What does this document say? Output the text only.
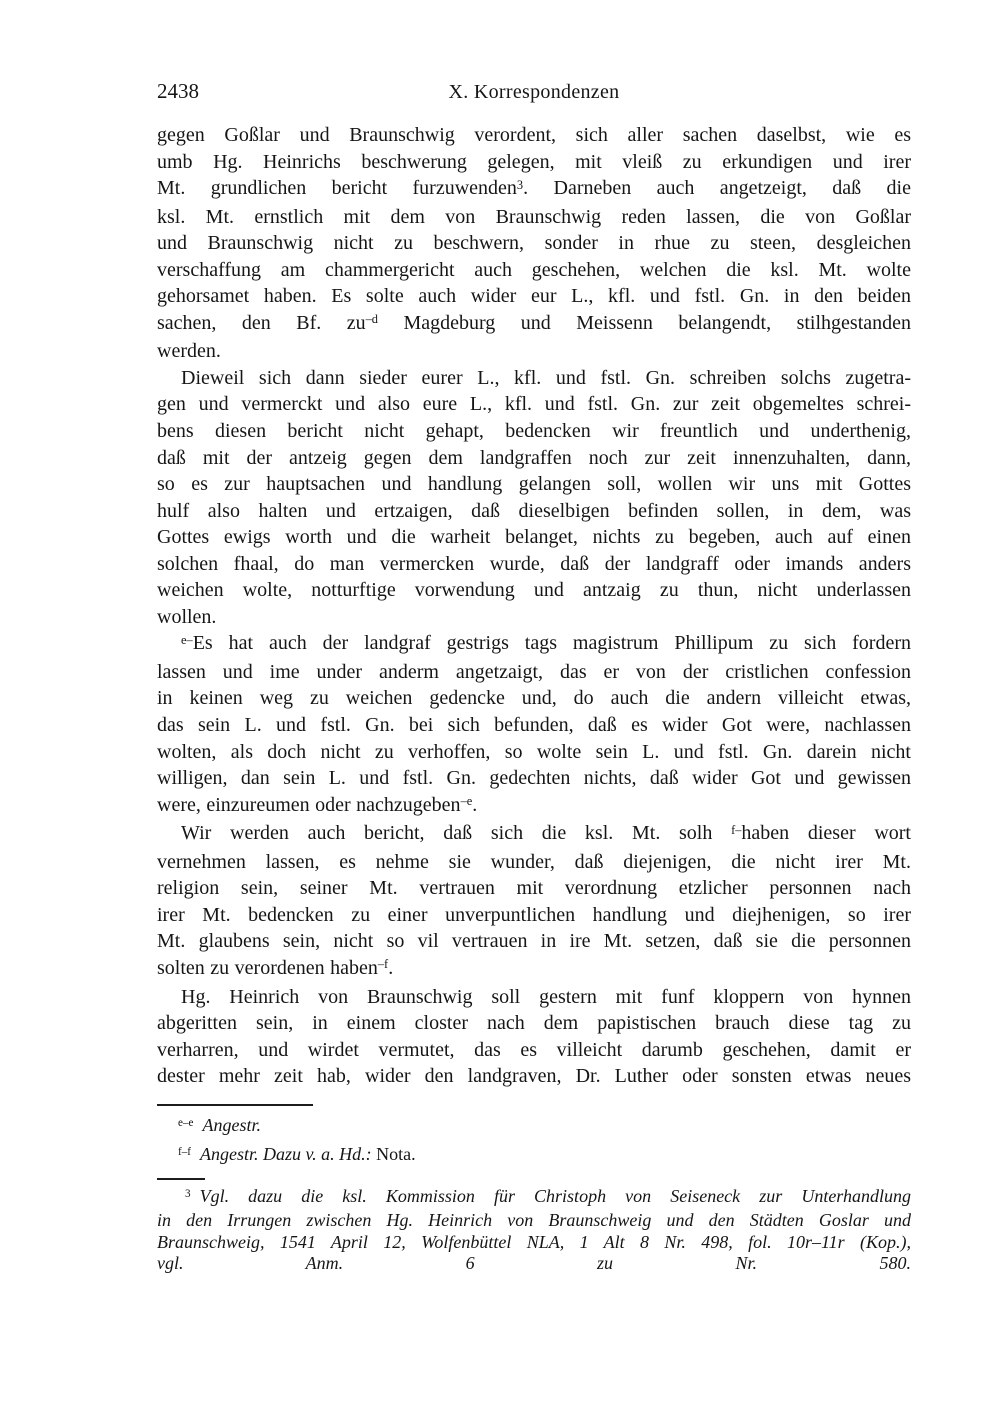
2438	X. Korrespondenzen
gegen Goßlar und Braunschwig verordent, sich aller sachen daselbst, wie es
umb Hg. Heinrichs beschwerung gelegen, mit vleiß zu erkundigen und irer
Mt. grundlichen bericht furzuwenden$^3$. Darneben auch angetzeigt, daß die
ksl. Mt. ernstlich mit dem von Braunschwig reden lassen, die von Goßlar
und Braunschwig nicht zu beschwern, sonder in rhue zu steen, desgleichen
verschaffung am chammergericht auch geschehen, welchen die ksl. Mt. wolte
gehorsamet haben. Es solte auch wider eur L., kfl. und fstl. Gn. in den beiden
sachen, den Bf. $zu^{-d}$ Magdeburg und Meissenn belangendt, stilhgestanden
werden.
Dieweil sich dann sieder eurer L., kfl. und fstl. Gn. schreiben solchs zugetra-
gen und vermerckt und also eure L., kfl. und fstl. Gn. zur zeit obgemeltes schrei-
bens diesen bericht nicht gehapt, bedencken wir freuntlich und underthenig,
daß mit der antzeig gegen dem landgraffen noch zur zeit innenzuhalten, dann,
so es zur hauptsachen und handlung gelangen soll, wollen wir uns mit Gottes
hulf also halten und ertzaigen, daß dieselbigen befinden sollen, in dem, was
Gottes ewigs worth und die warheit belanget, nichts zu begeben, auch auf einen
solchen fhaal, do man vermercken wurde, daß der landgraff oder imands anders
weichen wolte, notturftige vorwendung und antzaig zu thun, nicht underlassen
wollen.
$^{e-}$Es hat auch der landgraf gestrigs tags magistrum Phillipum zu sich fordern
lassen und ime under anderm angetzaigt, das er von der cristlichen confession
in keinen weg zu weichen gedencke und, do auch die andern villeicht etwas,
das sein L. und fstl. Gn. bei sich befunden, daß es wider Got were, nachlassen
wolten, als doch nicht zu verhoffen, so wolte sein L. und fstl. Gn. darein nicht
willigen, dan sein L. und fstl. Gn. gedechten nichts, daß wider Got und gewissen
were, einzureumen oder nachzugeben$^{-e}$.
Wir werden auch bericht, daß sich die ksl. Mt. solh $^{f-}$haben dieser wort
vernehmen lassen, es nehme sie wunder, daß diejenigen, die nicht irer Mt.
religion sein, seiner Mt. vertrauen mit verordnung etzlicher personnen nach
irer Mt. bedencken zu einer unverpuntlichen handlung und diejhenigen, so irer
Mt. glaubens sein, nicht so vil vertrauen in ire Mt. setzen, daß sie die personnen
solten zu verordenen haben$^{-f}$.
Hg. Heinrich von Braunschwig soll gestern mit funf kloppern von hynnen
abgeritten sein, in einem closter nach dem papistischen brauch diese tag zu
verharren, und wirdet vermutet, das es villeicht darumb geschehen, damit er
dester mehr zeit hab, wider den landgraven, Dr. Luther oder sonsten etwas neues
$^{e-e}$ Angestr.
$^{f-f}$ Angestr. Dazu v. a. Hd.: Nota.
$^3$ Vgl. dazu die ksl. Kommission für Christoph von Seiseneck zur Unterhandlung
in den Irrungen zwischen Hg. Heinrich von Braunschweig und den Städten Goslar und
Braunschweig, 1541 April 12, Wolfenbüttel NLA, 1 Alt 8 Nr. 498, fol. 10r–11r (Kop.),
vgl. Anm. 6 zu Nr. 580.
